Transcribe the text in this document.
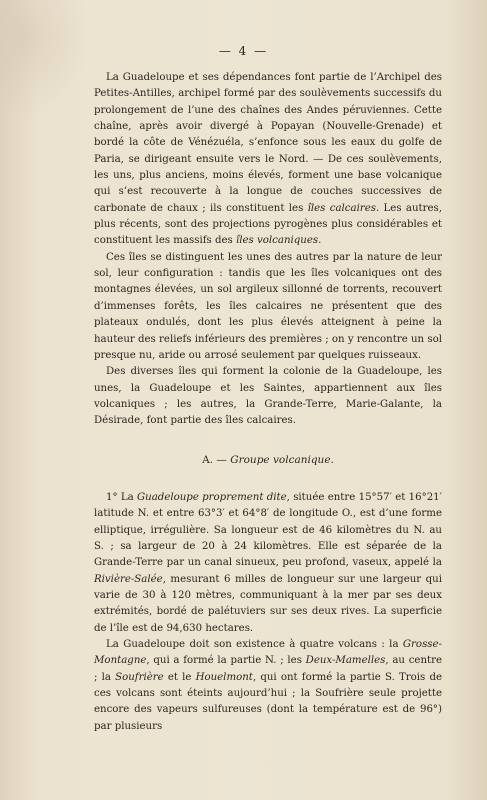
— 4 —

La Guadeloupe et ses dépendances font partie de l’Archipel des Petites-Antilles, archipel formé par des soulèvements successifs du prolongement de l’une des chaînes des Andes péruviennes. Cette chaîne, après avoir divergé à Popayan (Nouvelle-Grenade) et bordé la côte de Vénézuéla, s’enfonce sous les eaux du golfe de Paria, se dirigeant ensuite vers le Nord. — De ces soulèvements, les uns, plus anciens, moins élevés, forment une base volcanique qui s’est recouverte à la longue de couches successives de carbonate de chaux ; ils constituent les îles calcaires. Les autres, plus récents, sont des projections pyrogènes plus considérables et constituent les massifs des îles volcaniques.

Ces îles se distinguent les unes des autres par la nature de leur sol, leur configuration : tandis que les îles volcaniques ont des montagnes élevées, un sol argileux sillonné de torrents, recouvert d’immenses forêts, les îles calcaires ne présentent que des plateaux ondulés, dont les plus élevés atteignent à peine la hauteur des reliefs inférieurs des premières ; on y rencontre un sol presque nu, aride ou arrosé seulement par quelques ruisseaux.

Des diverses îles qui forment la colonie de la Guadeloupe, les unes, la Guadeloupe et les Saintes, appartiennent aux îles volcaniques ; les autres, la Grande-Terre, Marie-Galante, la Désirade, font partie des îles calcaires.

A. — Groupe volcanique.

1° La Guadeloupe proprement dite, située entre 15°57′ et 16°21′ latitude N. et entre 63°3′ et 64°8′ de longitude O., est d’une forme elliptique, irrégulière. Sa longueur est de 46 kilomètres du N. au S. ; sa largeur de 20 à 24 kilomètres. Elle est séparée de la Grande-Terre par un canal sinueux, peu profond, vaseux, appelé la Rivière-Salée, mesurant 6 milles de longueur sur une largeur qui varie de 30 à 120 mètres, communiquant à la mer par ses deux extrémités, bordé de palétuviers sur ses deux rives. La superficie de l’île est de 94,630 hectares.

La Guadeloupe doit son existence à quatre volcans : la Grosse-Montagne, qui a formé la partie N. ; les Deux-Mamelles, au centre ; la Soufrière et le Houelmont, qui ont formé la partie S. Trois de ces volcans sont éteints aujourd’hui ; la Soufrière seule projette encore des vapeurs sulfureuses (dont la température est de 96°) par plusieurs
